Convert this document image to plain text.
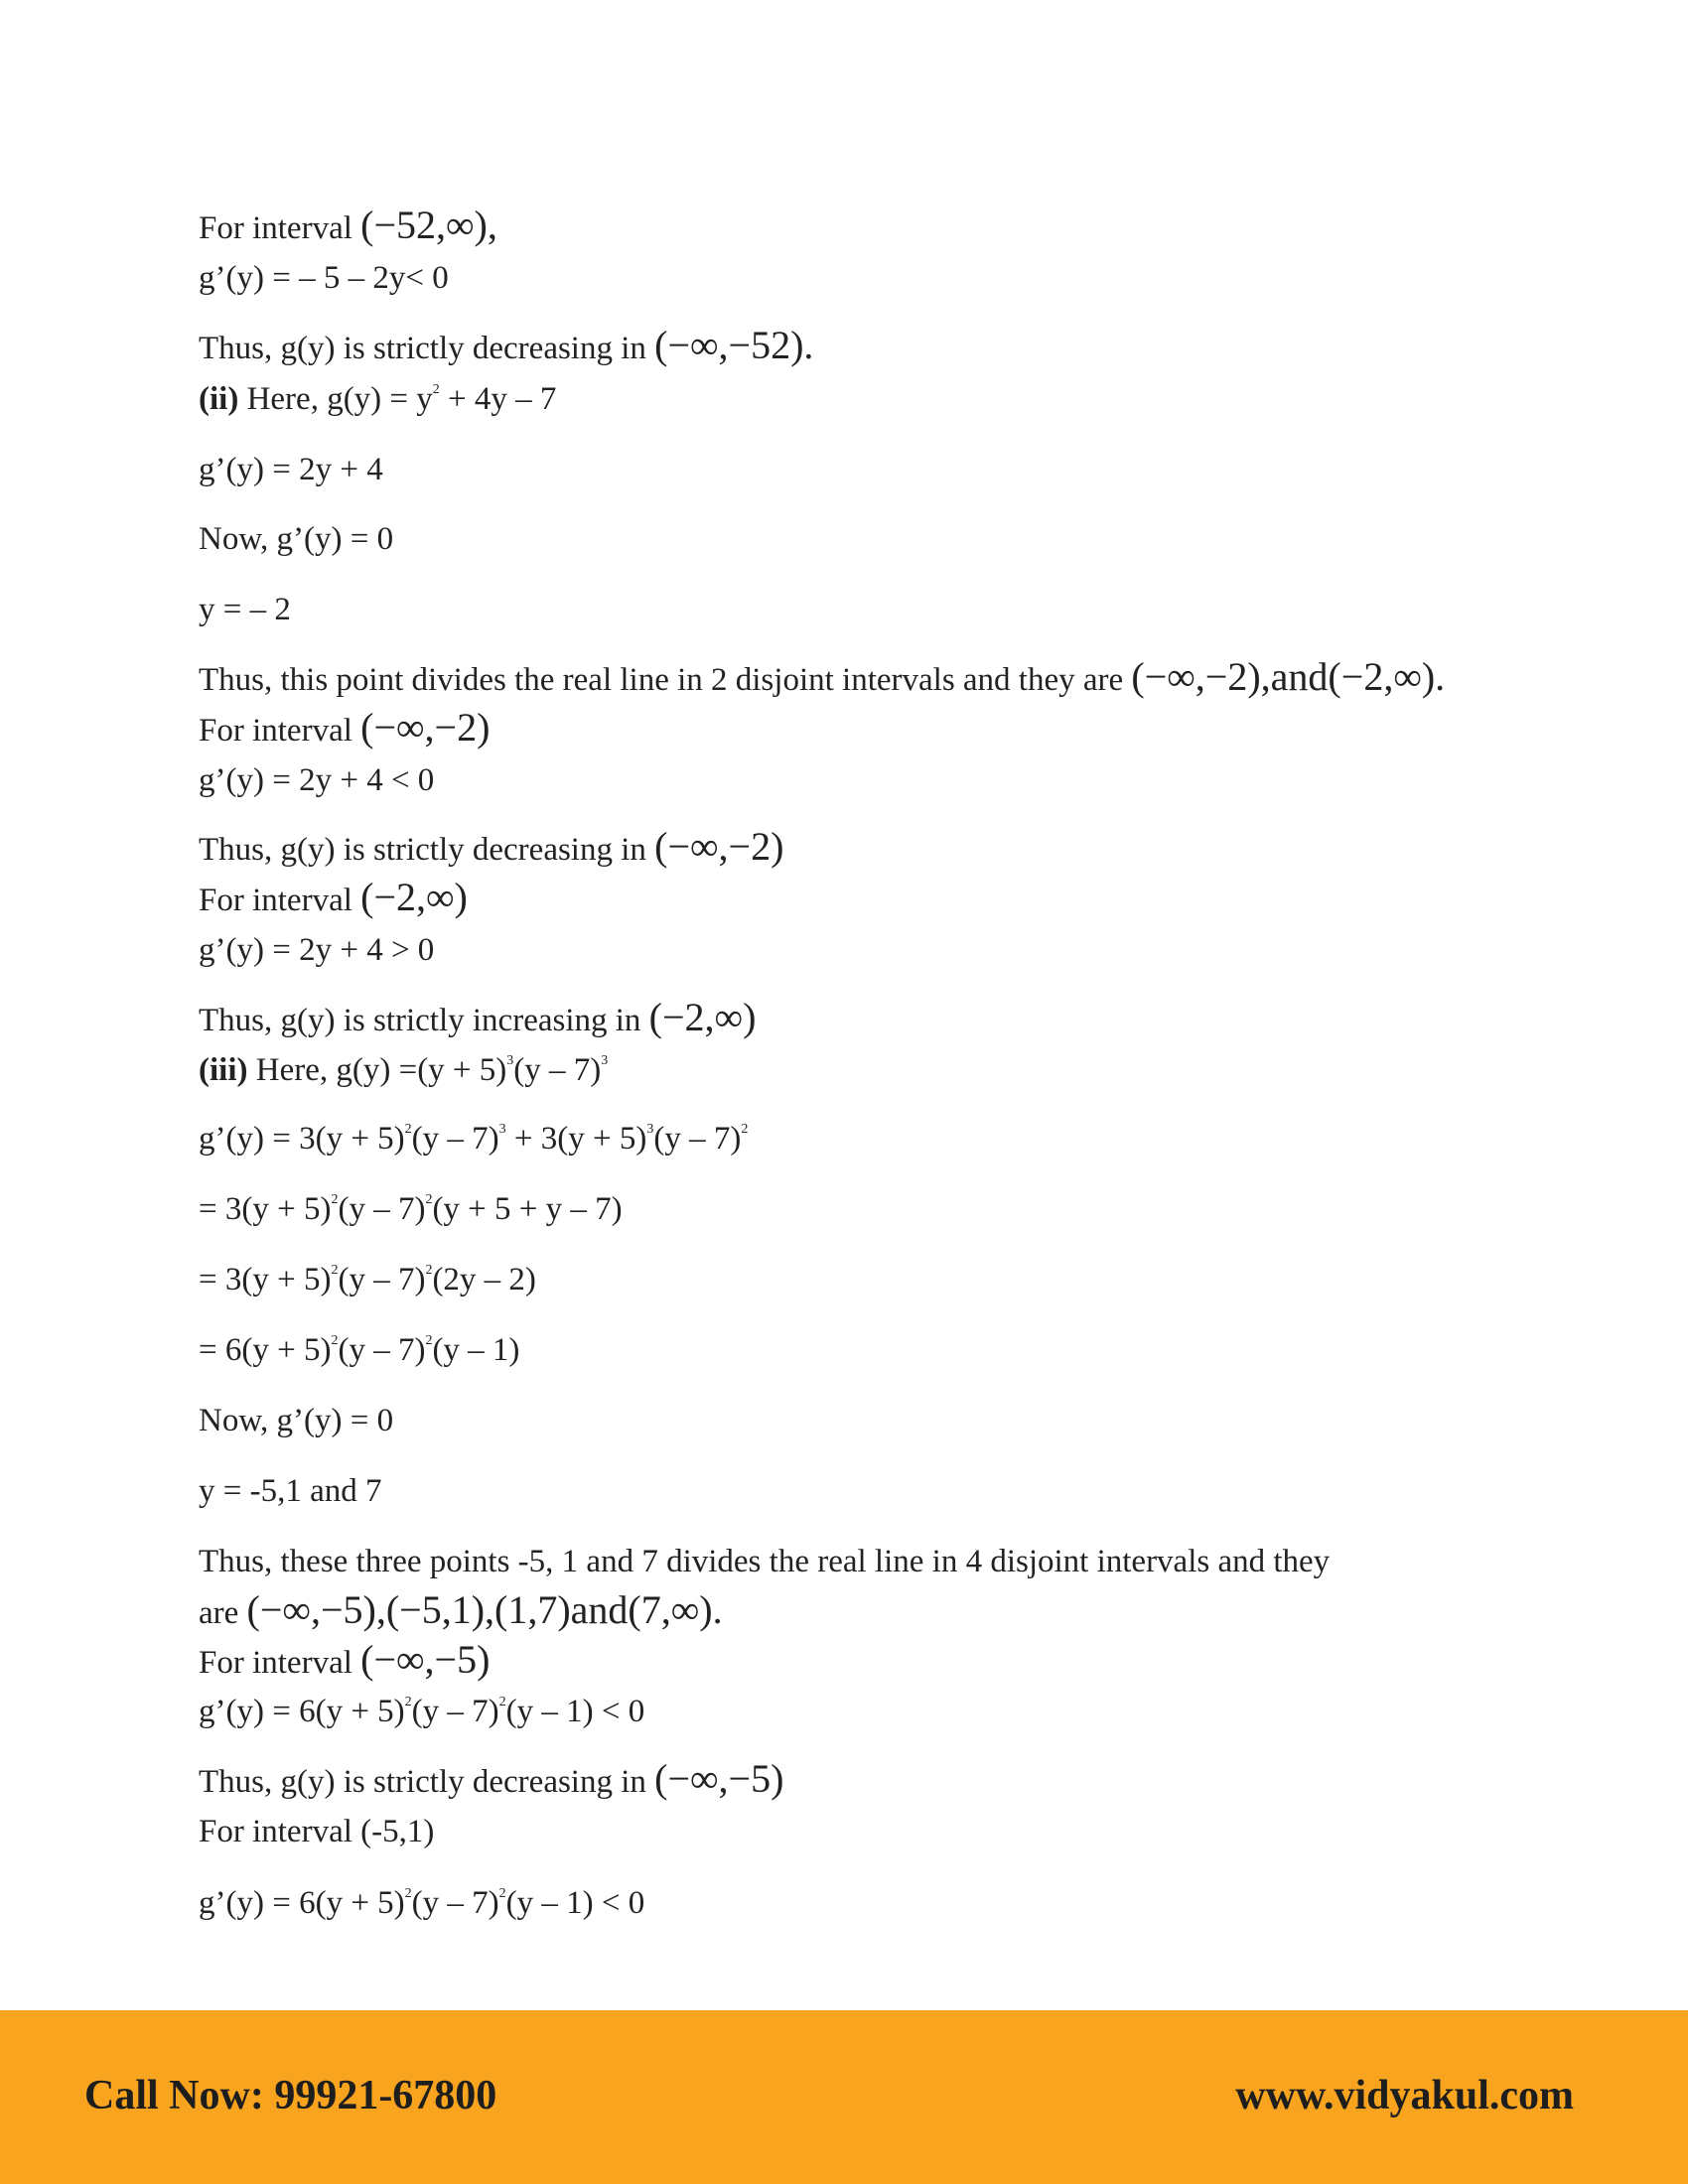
For interval (−52,∞),
g’(y) = – 5 – 2y< 0
Thus, g(y) is strictly decreasing in (−∞,−52).
(ii) Here, $g(y) = y^2 + 4y - 7$
g’(y) = 2y + 4
Now, g’(y) = 0
y = – 2
Thus, this point divides the real line in 2 disjoint intervals and they are (−∞,−2),and(−2,∞).
For interval (−∞,−2)
g’(y) = 2y + 4 < 0
Thus, g(y) is strictly decreasing in (−∞,−2)
For interval (−2,∞)
g’(y) = 2y + 4 > 0
Thus, g(y) is strictly increasing in (−2,∞)
(iii) Here, $g(y) =(y + 5)^3(y - 7)^3$
g’(y) = $3(y + 5)^2(y - 7)^3 + 3(y + 5)^3(y - 7)^2$
= $3(y + 5)^2(y - 7)^2(y + 5 + y - 7)$
= $3(y + 5)^2(y - 7)^2(2y - 2)$
= $6(y + 5)^2(y - 7)^2(y - 1)$
Now, g’(y) = 0
y = -5,1 and 7
Thus, these three points -5, 1 and 7 divides the real line in 4 disjoint intervals and they
are (−∞,−5),(−5,1),(1,7)and(7,∞).
For interval (−∞,−5)
g’(y) = $6(y + 5)^2(y - 7)^2(y - 1) < 0$
Thus, g(y) is strictly decreasing in (−∞,−5)
For interval (-5,1)
g’(y) = $6(y + 5)^2(y - 7)^2(y - 1) < 0$
Call Now: 99921-67800	www.vidyakul.com
